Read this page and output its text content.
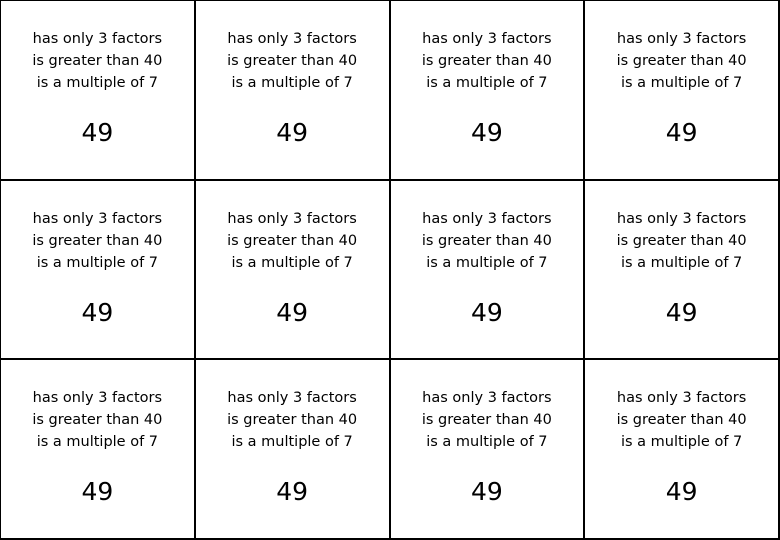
has only 3 factors
is greater than 40
is a multiple of 7
49
has only 3 factors
is greater than 40
is a multiple of 7
49
has only 3 factors
is greater than 40
is a multiple of 7
49
has only 3 factors
is greater than 40
is a multiple of 7
49
has only 3 factors
is greater than 40
is a multiple of 7
49
has only 3 factors
is greater than 40
is a multiple of 7
49
has only 3 factors
is greater than 40
is a multiple of 7
49
has only 3 factors
is greater than 40
is a multiple of 7
49
has only 3 factors
is greater than 40
is a multiple of 7
49
has only 3 factors
is greater than 40
is a multiple of 7
49
has only 3 factors
is greater than 40
is a multiple of 7
49
has only 3 factors
is greater than 40
is a multiple of 7
49
